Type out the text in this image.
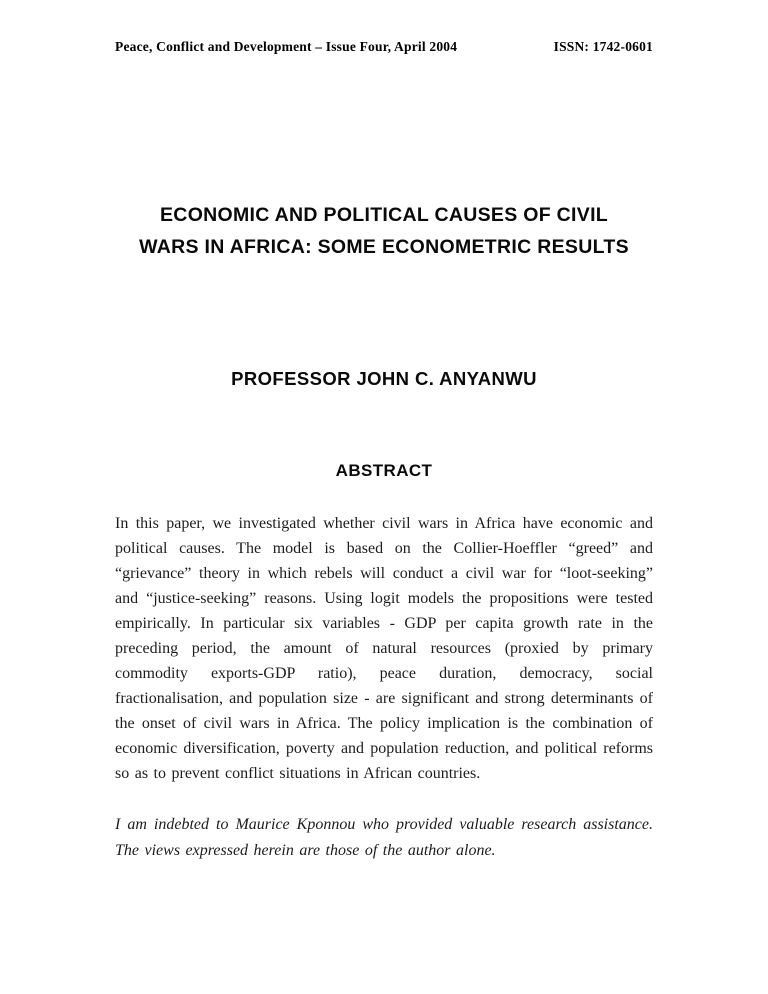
Peace, Conflict and Development – Issue Four, April 2004	ISSN: 1742-0601
ECONOMIC AND POLITICAL CAUSES OF CIVIL
WARS IN AFRICA: SOME ECONOMETRIC RESULTS
PROFESSOR JOHN C. ANYANWU
ABSTRACT
In this paper, we investigated whether civil wars in Africa have economic and political causes. The model is based on the Collier-Hoeffler “greed” and “grievance” theory in which rebels will conduct a civil war for “loot-seeking” and “justice-seeking” reasons. Using logit models the propositions were tested empirically. In particular six variables - GDP per capita growth rate in the preceding period, the amount of natural resources (proxied by primary commodity exports-GDP ratio), peace duration, democracy, social fractionalisation, and population size - are significant and strong determinants of the onset of civil wars in Africa. The policy implication is the combination of economic diversification, poverty and population reduction, and political reforms so as to prevent conflict situations in African countries.
I am indebted to Maurice Kponnou who provided valuable research assistance. The views expressed herein are those of the author alone.
